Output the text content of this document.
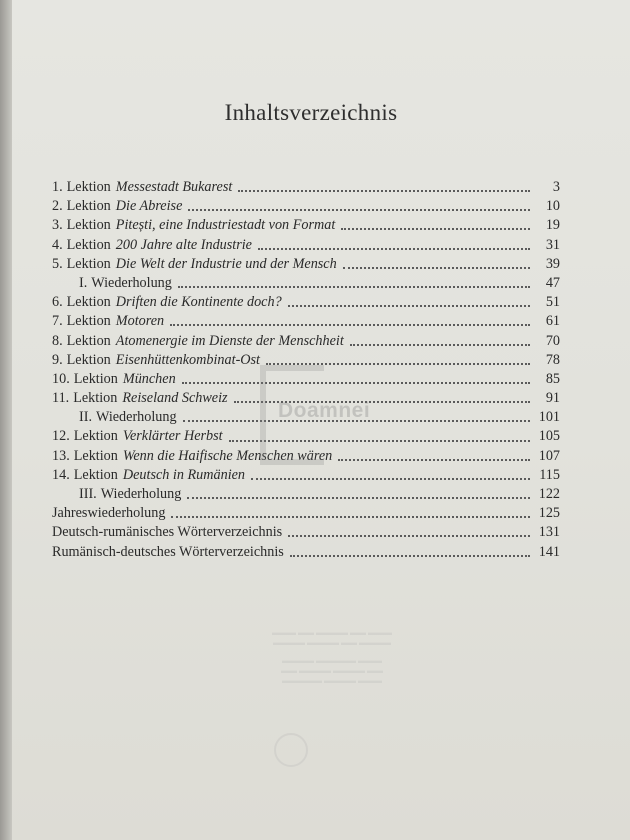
Inhaltsverzeichnis
1. Lektion Messestadt Bukarest	3
2. Lektion Die Abreise	10
3. Lektion Pitești, eine Industriestadt von Format	19
4. Lektion 200 Jahre alte Industrie	31
5. Lektion Die Welt der Industrie und der Mensch	39
I. Wiederholung	47
6. Lektion Driften die Kontinente doch?	51
7. Lektion Motoren	61
8. Lektion Atomenergie im Dienste der Menschheit	70
9. Lektion Eisenhüttenkombinat-Ost	78
10. Lektion München	85
11. Lektion Reiseland Schweiz	91
II. Wiederholung	101
12. Lektion Verklärter Herbst	105
13. Lektion Wenn die Haifische Menschen wären	107
14. Lektion Deutsch in Rumänien	115
III. Wiederholung	122
Jahreswiederholung	125
Deutsch-rumänisches Wörterverzeichnis	131
Rumänisch-deutsches Wörterverzeichnis	141
Doamnei
▬▬▬ ▬▬ ▬▬▬▬ ▬▬ ▬▬▬
▬▬▬▬ ▬▬▬▬ ▬▬ ▬▬▬▬
▬▬▬▬ ▬▬▬▬▬ ▬▬▬
▬▬ ▬▬▬▬ ▬▬▬▬ ▬▬
▬▬▬▬▬ ▬▬▬▬ ▬▬▬
